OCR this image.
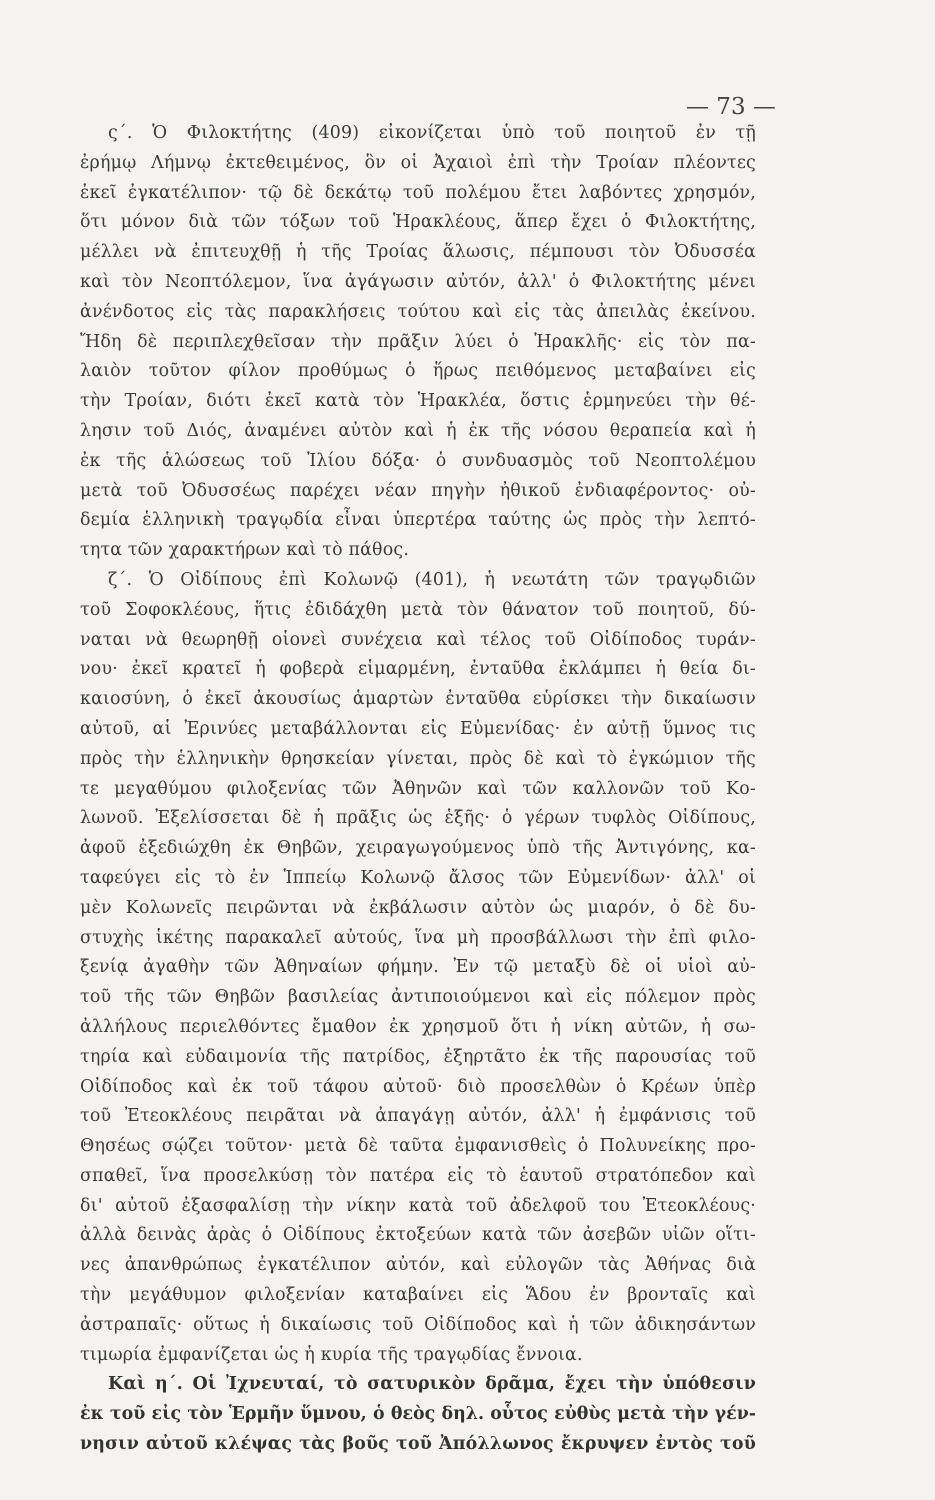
— 73 —
ς΄. Ὁ Φιλοκτήτης (409) εἰκονίζεται ὑπὸ τοῦ ποιητοῦ ἐν τῇ
ἐρήμῳ Λήμνῳ ἐκτεθειμένος, ὃν οἱ Ἀχαιοὶ ἐπὶ τὴν Τροίαν πλέοντες
ἐκεῖ ἐγκατέλιπον· τῷ δὲ δεκάτῳ τοῦ πολέμου ἔτει λαβόντες χρησμόν,
ὅτι μόνον διὰ τῶν τόξων τοῦ Ἡρακλέους, ἅπερ ἔχει ὁ Φιλοκτήτης,
μέλλει νὰ ἐπιτευχθῇ ἡ τῆς Τροίας ἅλωσις, πέμπουσι τὸν Ὀδυσσέα
καὶ τὸν Νεοπτόλεμον, ἵνα ἀγάγωσιν αὐτόν, ἀλλ' ὁ Φιλοκτήτης μένει
ἀνένδοτος εἰς τὰς παρακλήσεις τούτου καὶ εἰς τὰς ἀπειλὰς ἐκείνου.
Ἤδη δὲ περιπλεχθεῖσαν τὴν πρᾶξιν λύει ὁ Ἡρακλῆς· εἰς τὸν πα-
λαιὸν τοῦτον φίλον προθύμως ὁ ἥρως πειθόμενος μεταβαίνει εἰς
τὴν Τροίαν, διότι ἐκεῖ κατὰ τὸν Ἡρακλέα, ὅστις ἑρμηνεύει τὴν θέ-
λησιν τοῦ Διός, ἀναμένει αὐτὸν καὶ ἡ ἐκ τῆς νόσου θεραπεία καὶ ἡ
ἐκ τῆς ἁλώσεως τοῦ Ἰλίου δόξα· ὁ συνδυασμὸς τοῦ Νεοπτολέμου
μετὰ τοῦ Ὀδυσσέως παρέχει νέαν πηγὴν ἠθικοῦ ἐνδιαφέροντος· οὐ-
δεμία ἑλληνικὴ τραγῳδία εἶναι ὑπερτέρα ταύτης ὡς πρὸς τὴν λεπτό-
τητα τῶν χαρακτήρων καὶ τὸ πάθος.
ζ΄. Ὁ Οἰδίπους ἐπὶ Κολωνῷ (401), ἡ νεωτάτη τῶν τραγῳδιῶν
τοῦ Σοφοκλέους, ἥτις ἐδιδάχθη μετὰ τὸν θάνατον τοῦ ποιητοῦ, δύ-
ναται νὰ θεωρηθῇ οἱονεὶ συνέχεια καὶ τέλος τοῦ Οἰδίποδος τυράν-
νου· ἐκεῖ κρατεῖ ἡ φοβερὰ εἱμαρμένη, ἐνταῦθα ἐκλάμπει ἡ θεία δι-
καιοσύνη, ὁ ἐκεῖ ἀκουσίως ἁμαρτὼν ἐνταῦθα εὑρίσκει τὴν δικαίωσιν
αὐτοῦ, αἱ Ἐρινύες μεταβάλλονται εἰς Εὐμενίδας· ἐν αὐτῇ ὕμνος τις
πρὸς τὴν ἑλληνικὴν θρησκείαν γίνεται, πρὸς δὲ καὶ τὸ ἐγκώμιον τῆς
τε μεγαθύμου φιλοξενίας τῶν Ἀθηνῶν καὶ τῶν καλλονῶν τοῦ Κο-
λωνοῦ. Ἐξελίσσεται δὲ ἡ πρᾶξις ὡς ἑξῆς· ὁ γέρων τυφλὸς Οἰδίπους,
ἀφοῦ ἐξεδιώχθη ἐκ Θηβῶν, χειραγωγούμενος ὑπὸ τῆς Ἀντιγόνης, κα-
ταφεύγει εἰς τὸ ἐν Ἱππείῳ Κολωνῷ ἄλσος τῶν Εὐμενίδων· ἀλλ' οἱ
μὲν Κολωνεῖς πειρῶνται νὰ ἐκβάλωσιν αὐτὸν ὡς μιαρόν, ὁ δὲ δυ-
στυχὴς ἱκέτης παρακαλεῖ αὐτούς, ἵνα μὴ προσβάλλωσι τὴν ἐπὶ φιλο-
ξενίᾳ ἀγαθὴν τῶν Ἀθηναίων φήμην. Ἐν τῷ μεταξὺ δὲ οἱ υἱοὶ αὐ-
τοῦ τῆς τῶν Θηβῶν βασιλείας ἀντιποιούμενοι καὶ εἰς πόλεμον πρὸς
ἀλλήλους περιελθόντες ἔμαθον ἐκ χρησμοῦ ὅτι ἡ νίκη αὐτῶν, ἡ σω-
τηρία καὶ εὐδαιμονία τῆς πατρίδος, ἐξηρτᾶτο ἐκ τῆς παρουσίας τοῦ
Οἰδίποδος καὶ ἐκ τοῦ τάφου αὐτοῦ· διὸ προσελθὼν ὁ Κρέων ὑπὲρ
τοῦ Ἐτεοκλέους πειρᾶται νὰ ἀπαγάγῃ αὐτόν, ἀλλ' ἡ ἐμφάνισις τοῦ
Θησέως σῴζει τοῦτον· μετὰ δὲ ταῦτα ἐμφανισθεὶς ὁ Πολυνείκης προ-
σπαθεῖ, ἵνα προσελκύσῃ τὸν πατέρα εἰς τὸ ἑαυτοῦ στρατόπεδον καὶ
δι' αὐτοῦ ἐξασφαλίσῃ τὴν νίκην κατὰ τοῦ ἀδελφοῦ του Ἐτεοκλέους·
ἀλλὰ δεινὰς ἀρὰς ὁ Οἰδίπους ἐκτοξεύων κατὰ τῶν ἀσεβῶν υἱῶν οἵτι-
νες ἀπανθρώπως ἐγκατέλιπον αὐτόν, καὶ εὐλογῶν τὰς Ἀθήνας διὰ
τὴν μεγάθυμον φιλοξενίαν καταβαίνει εἰς Ἅδου ἐν βρονταῖς καὶ
ἀστραπαῖς· οὕτως ἡ δικαίωσις τοῦ Οἰδίποδος καὶ ἡ τῶν ἀδικησάντων
τιμωρία ἐμφανίζεται ὡς ἡ κυρία τῆς τραγῳδίας ἔννοια.
Καὶ η΄. Οἱ Ἰχνευταί, τὸ σατυρικὸν δρᾶμα, ἔχει τὴν ὑπόθεσιν
ἐκ τοῦ εἰς τὸν Ἑρμῆν ὕμνου, ὁ θεὸς δηλ. οὗτος εὐθὺς μετὰ τὴν γέν-
νησιν αὐτοῦ κλέψας τὰς βοῦς τοῦ Ἀπόλλωνος ἔκρυψεν ἐντὸς τοῦ
